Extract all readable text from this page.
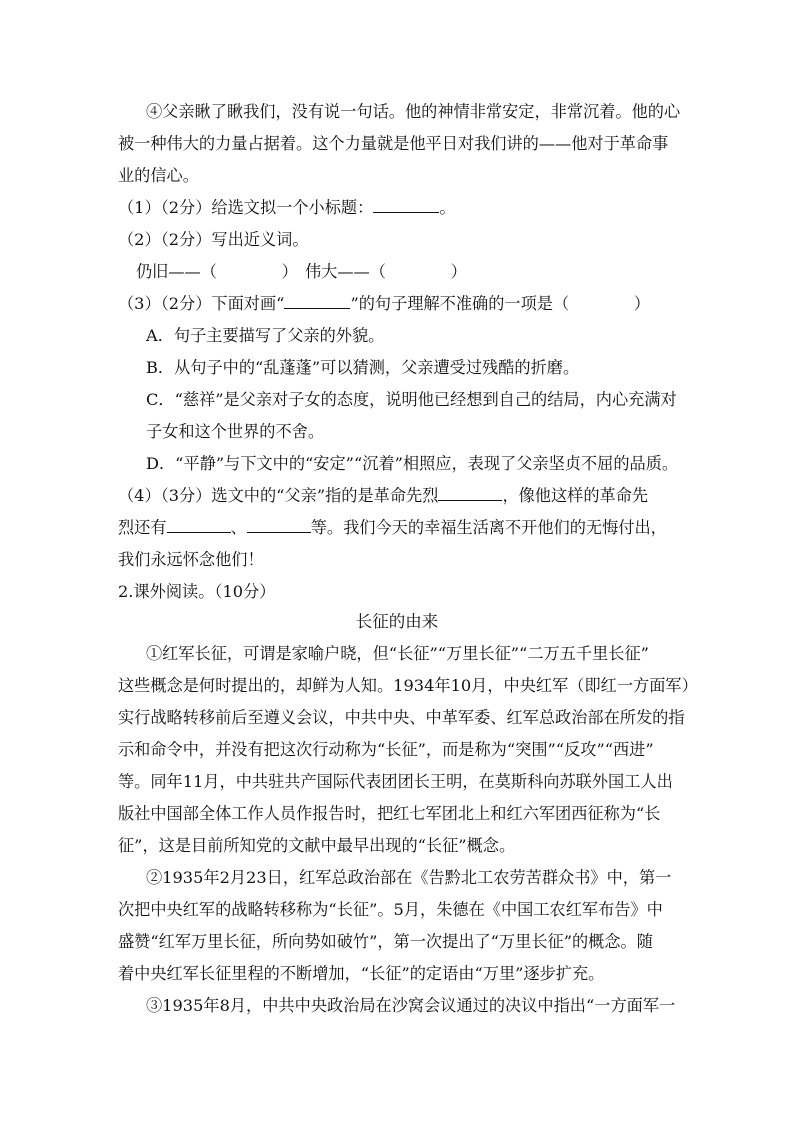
④父亲瞅了瞅我们，没有说一句话。他的神情非常安定，非常沉着。他的心
被一种伟大的力量占据着。这个力量就是他平日对我们讲的——他对于革命事
业的信心。
（1）（2分）给选文拟一个小标题：	。
（2）（2分）写出近义词。
仍旧——（　　　　） 伟大——（　　　　）
（3）（2分）下面对画“	”的句子理解不准确的一项是（　　　　）
A．句子主要描写了父亲的外貌。
B．从句子中的“乱蓬蓬”可以猜测，父亲遭受过残酷的折磨。
C．“慈祥”是父亲对子女的态度，说明他已经想到自己的结局，内心充满对
子女和这个世界的不舍。
D．“平静”与下文中的“安定”“沉着”相照应，表现了父亲坚贞不屈的品质。
（4）（3分）选文中的“父亲”指的是革命先烈	，像他这样的革命先
烈还有	、	等。我们今天的幸福生活离不开他们的无悔付出，
我们永远怀念他们！
2.课外阅读。（10分）
长征的由来
①红军长征，可谓是家喻户晓，但“长征”“万里长征”“二万五千里长征”
这些概念是何时提出的，却鲜为人知。1934年10月，中央红军（即红一方面军）
实行战略转移前后至遵义会议，中共中央、中革军委、红军总政治部在所发的指
示和命令中，并没有把这次行动称为“长征”，而是称为“突围”“反攻”“西进”
等。同年11月，中共驻共产国际代表团团长王明，在莫斯科向苏联外国工人出
版社中国部全体工作人员作报告时，把红七军团北上和红六军团西征称为“长
征”，这是目前所知党的文献中最早出现的“长征”概念。
②1935年2月23日，红军总政治部在《告黔北工农劳苦群众书》中，第一
次把中央红军的战略转移称为“长征”。5月，朱德在《中国工农红军布告》中
盛赞“红军万里长征，所向势如破竹”，第一次提出了“万里长征”的概念。随
着中央红军长征里程的不断增加，“长征”的定语由“万里”逐步扩充。
③1935年8月，中共中央政治局在沙窝会议通过的决议中指出“一方面军一
